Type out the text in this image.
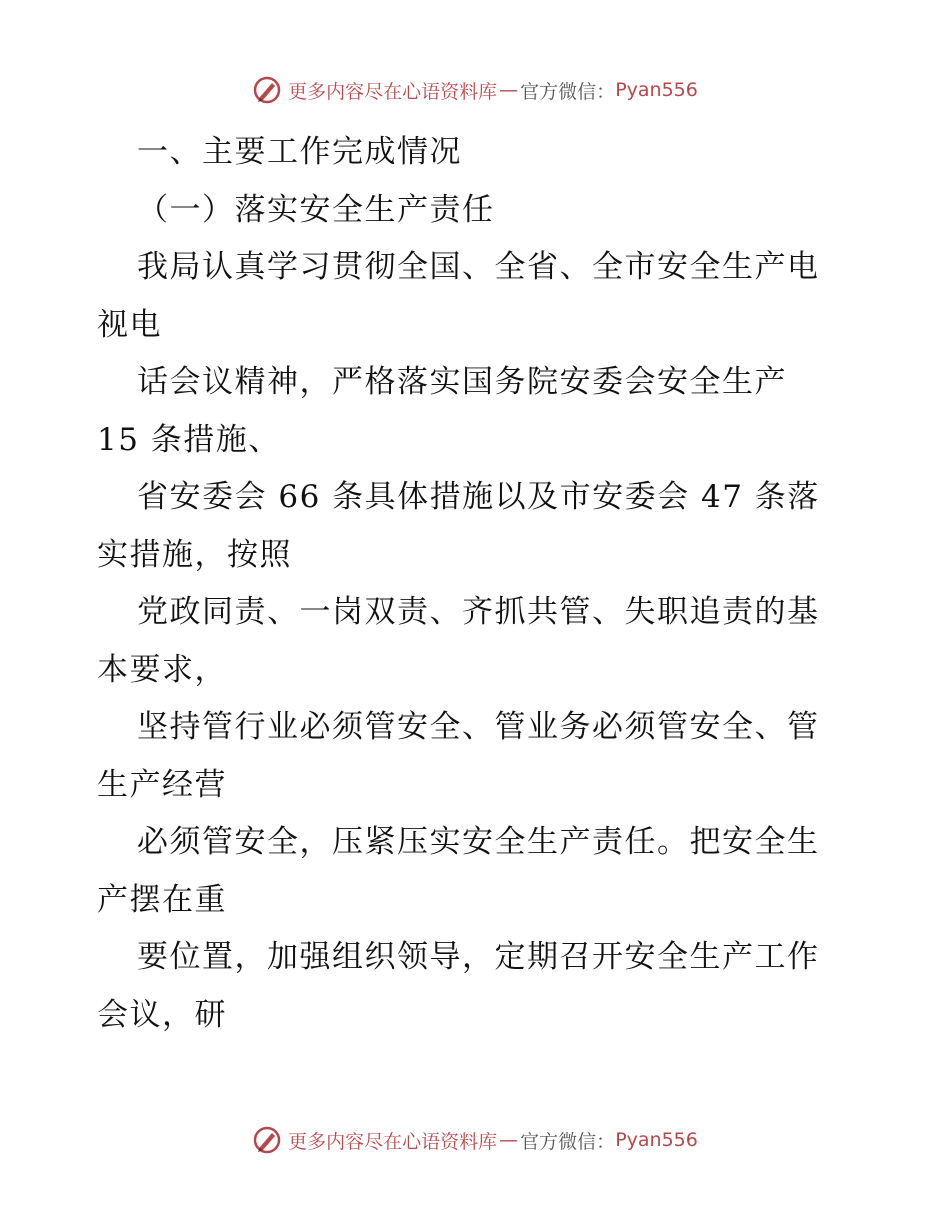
更多内容尽在心语资料库 — 官方微信： Pyan556
一、主要工作完成情况
（一）落实安全生产责任
我局认真学习贯彻全国、全省、全市安全生产电
视电
话会议精神，严格落实国务院安委会安全生产
15 条措施、
省安委会 66 条具体措施以及市安委会 47 条落
实措施，按照
党政同责、一岗双责、齐抓共管、失职追责的基
本要求，
坚持管行业必须管安全、管业务必须管安全、管
生产经营
必须管安全，压紧压实安全生产责任。把安全生
产摆在重
要位置，加强组织领导，定期召开安全生产工作
会议，研
更多内容尽在心语资料库 — 官方微信： Pyan556
